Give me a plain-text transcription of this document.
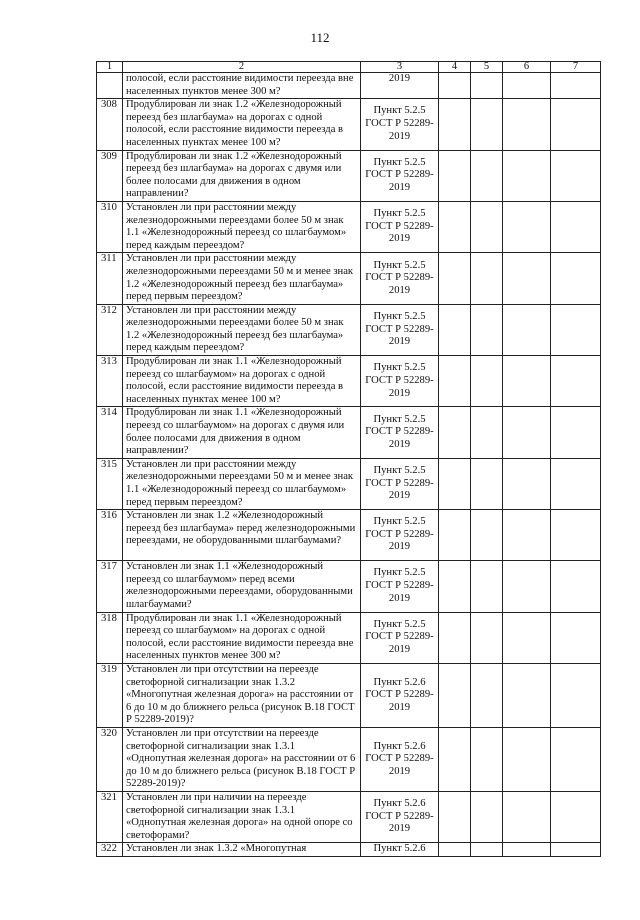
112
1	2	3	4	5	6	7
	полосой, если расстояние видимости переезда вне населенных пунктов менее 300 м?	2019				
308	Продублирован ли знак 1.2 «Железнодорожный переезд без шлагбаума» на дорогах с одной полосой, если расстояние видимости переезда в населенных пунктах менее 100 м?	Пункт 5.2.5 ГОСТ Р 52289-2019				
309	Продублирован ли знак 1.2 «Железнодорожный переезд без шлагбаума» на дорогах с двумя или более полосами для движения в одном направлении?	Пункт 5.2.5 ГОСТ Р 52289-2019				
310	Установлен ли при расстоянии между железнодорожными переездами более 50 м знак 1.1 «Железнодорожный переезд со шлагбаумом» перед каждым переездом?	Пункт 5.2.5 ГОСТ Р 52289-2019				
311	Установлен ли при расстоянии между железнодорожными переездами 50 м и менее знак 1.2 «Железнодорожный переезд без шлагбаума» перед первым переездом?	Пункт 5.2.5 ГОСТ Р 52289-2019				
312	Установлен ли при расстоянии между железнодорожными переездами более 50 м знак 1.2 «Железнодорожный переезд без шлагбаума» перед каждым переездом?	Пункт 5.2.5 ГОСТ Р 52289-2019				
313	Продублирован ли знак 1.1 «Железнодорожный переезд со шлагбаумом» на дорогах с одной полосой, если расстояние видимости переезда в населенных пунктах менее 100 м?	Пункт 5.2.5 ГОСТ Р 52289-2019				
314	Продублирован ли знак 1.1 «Железнодорожный переезд со шлагбаумом» на дорогах с двумя или более полосами для движения в одном направлении?	Пункт 5.2.5 ГОСТ Р 52289-2019				
315	Установлен ли при расстоянии между железнодорожными переездами 50 м и менее знак 1.1 «Железнодорожный переезд со шлагбаумом» перед первым переездом?	Пункт 5.2.5 ГОСТ Р 52289-2019				
316	Установлен ли знак 1.2 «Железнодорожный переезд без шлагбаума» перед железнодорожными переездами, не оборудованными шлагбаумами?	Пункт 5.2.5 ГОСТ Р 52289-2019				
317	Установлен ли знак 1.1 «Железнодорожный переезд со шлагбаумом» перед всеми железнодорожными переездами, оборудованными шлагбаумами?	Пункт 5.2.5 ГОСТ Р 52289-2019				
318	Продублирован ли знак 1.1 «Железнодорожный переезд со шлагбаумом» на дорогах с одной полосой, если расстояние видимости переезда вне населенных пунктов менее 300 м?	Пункт 5.2.5 ГОСТ Р 52289-2019				
319	Установлен ли при отсутствии на переезде светофорной сигнализации знак 1.3.2 «Многопутная железная дорога» на расстоянии от 6 до 10 м до ближнего рельса (рисунок В.18 ГОСТ Р 52289-2019)?	Пункт 5.2.6 ГОСТ Р 52289-2019				
320	Установлен ли при отсутствии на переезде светофорной сигнализации знак 1.3.1 «Однопутная железная дорога» на расстоянии от 6 до 10 м до ближнего рельса (рисунок В.18 ГОСТ Р 52289-2019)?	Пункт 5.2.6 ГОСТ Р 52289-2019				
321	Установлен ли при наличии на переезде светофорной сигнализации знак 1.3.1 «Однопутная железная дорога» на одной опоре со светофорами?	Пункт 5.2.6 ГОСТ Р 52289-2019				
322	Установлен ли знак 1.3.2 «Многопутная	Пункт 5.2.6				
